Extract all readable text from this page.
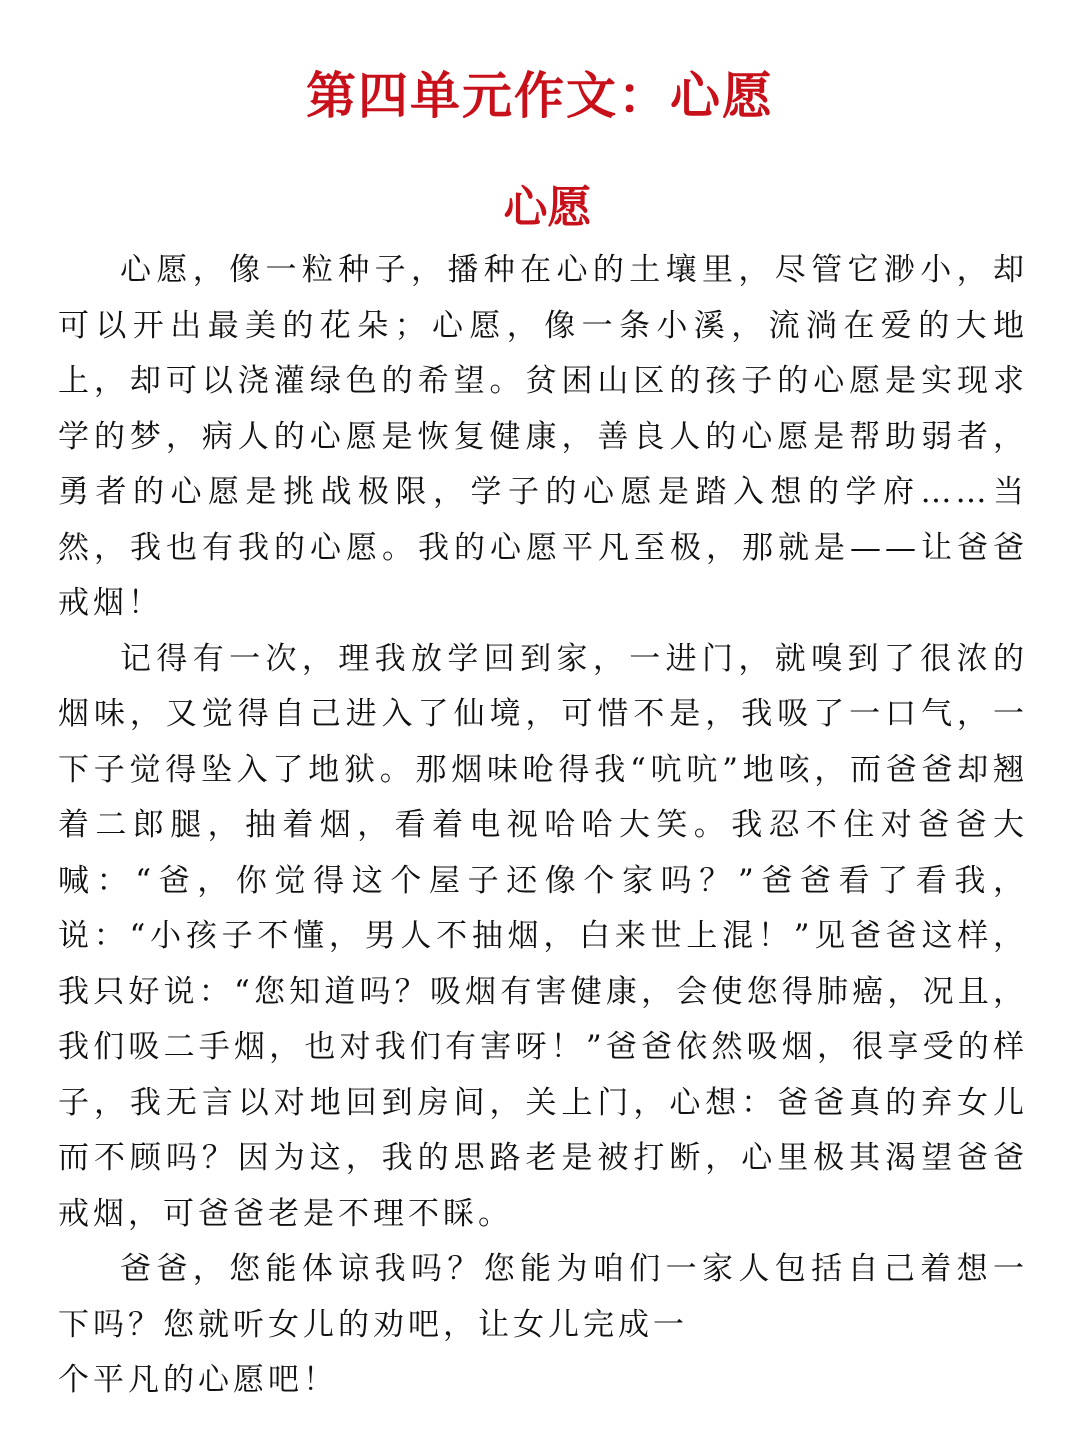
第四单元作文：心愿
心愿

心愿，像一粒种子，播种在心的土壤里，尽管它渺小，却可以开出最美的花朵；心愿，像一条小溪，流淌在爱的大地上，却可以浇灌绿色的希望。贫困山区的孩子的心愿是实现求学的梦，病人的心愿是恢复健康，善良人的心愿是帮助弱者，勇者的心愿是挑战极限，学子的心愿是踏入想的学府……当然，我也有我的心愿。我的心愿平凡至极，那就是——让爸爸戒烟！

记得有一次，理我放学回到家，一进门，就嗅到了很浓的烟味，又觉得自己进入了仙境，可惜不是，我吸了一口气，一下子觉得坠入了地狱。那烟味呛得我“吭吭”地咳，而爸爸却翘着二郎腿，抽着烟，看着电视哈哈大笑。我忍不住对爸爸大喊：“爸，你觉得这个屋子还像个家吗？”爸爸看了看我，说：“小孩子不懂，男人不抽烟，白来世上混！”见爸爸这样，我只好说：“您知道吗？吸烟有害健康，会使您得肺癌，况且，我们吸二手烟，也对我们有害呀！”爸爸依然吸烟，很享受的样子，我无言以对地回到房间，关上门，心想：爸爸真的弃女儿而不顾吗？因为这，我的思路老是被打断，心里极其渴望爸爸戒烟，可爸爸老是不理不睬。

爸爸，您能体谅我吗？您能为咱们一家人包括自己着想一下吗？您就听女儿的劝吧，让女儿完成一

个平凡的心愿吧！
